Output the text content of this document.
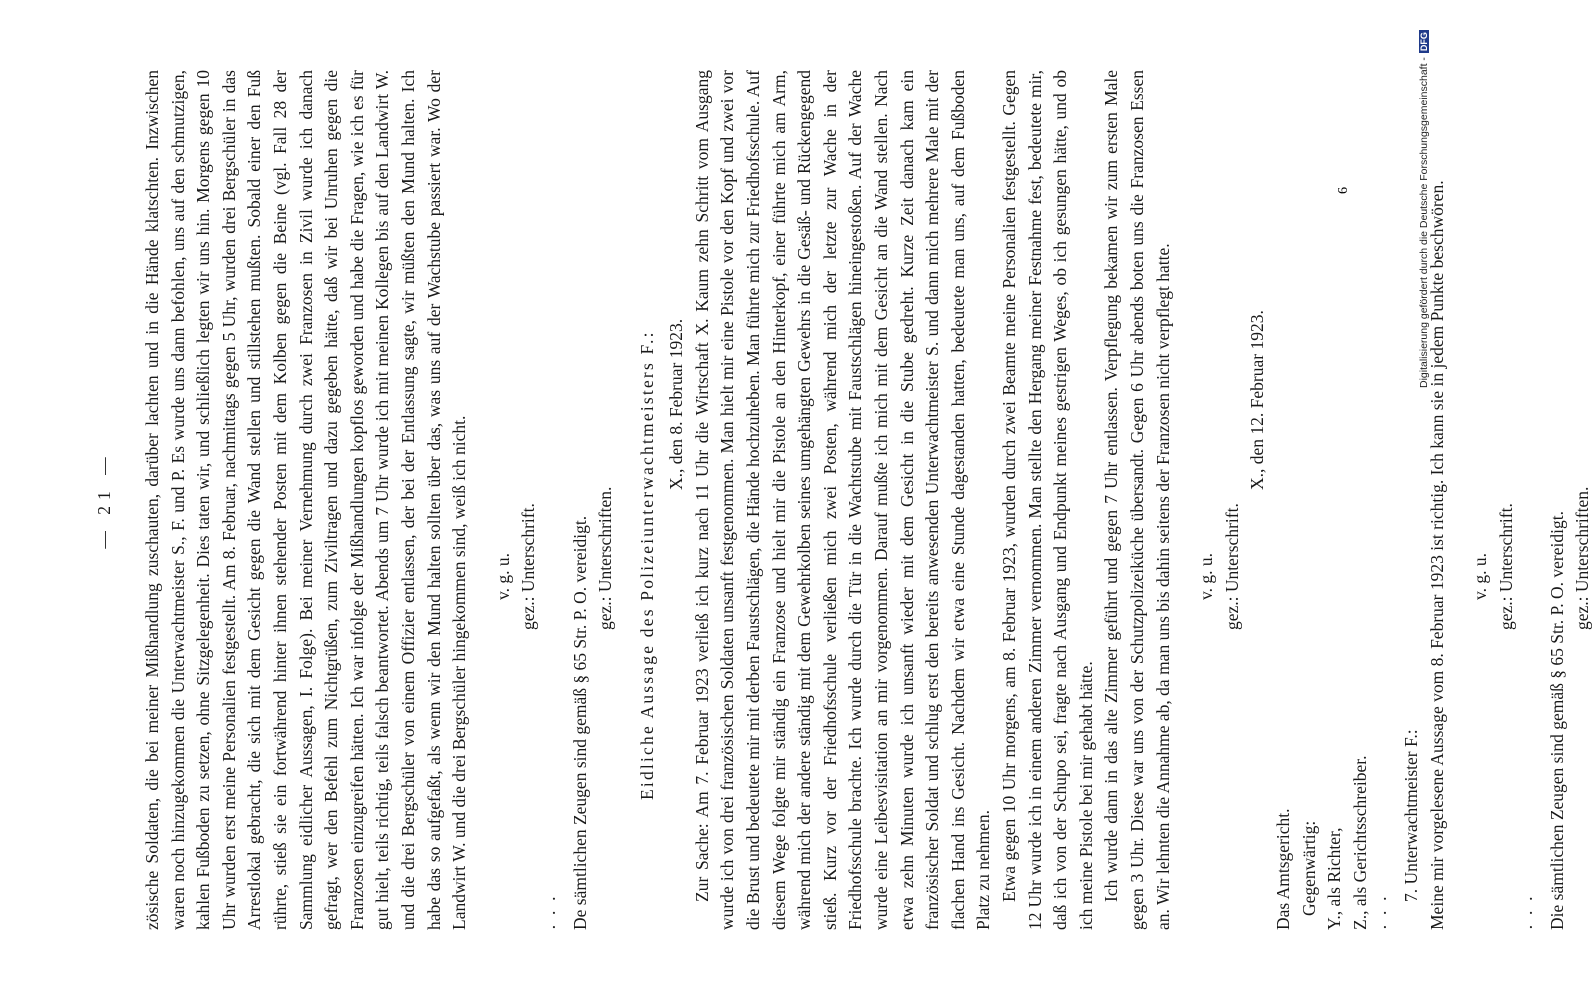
— 21 — zösische Soldaten, die bei meiner Mißhandlung zuschauten, darüber lachten und in die Hände klatschten. Inzwischen waren noch hinzugekommen die Unterwachtmeister S., F. und P. Es wurde uns dann befohlen, uns auf den schmutzigen, kahlen Fußboden zu setzen, ohne Sitzgelegenheit. Dies taten wir, und schließlich legten wir uns hin. Morgens gegen 10 Uhr wurden erst meine Personalien festgestellt. Am 8. Februar, nachmittags gegen 5 Uhr, wurden drei Bergschüler in das Arrestlokal gebracht, die sich mit dem Gesicht gegen die Wand stellen und stillstehen mußten. Sobald einer den Fuß rührte, stieß sie ein fortwährend hinter ihnen stehender Posten mit dem Kolben gegen die Beine (vgl. Fall 28 der Sammlung eidlicher Aussagen, I. Folge). Bei meiner Vernehmung durch zwei Franzosen in Zivil wurde ich danach gefragt, wer den Befehl zum Nichtgrüßen, zum Ziviltragen und dazu gegeben hätte, daß wir bei Unruhen gegen die Franzosen einzugreifen hätten. Ich war infolge der Mißhandlungen kopflos geworden und habe die Fragen, wie ich es für gut hielt, teils richtig, teils falsch beantwortet. Abends um 7 Uhr wurde ich mit meinen Kollegen bis auf den Landwirt W. und die drei Bergschüler von einem Offizier entlassen, der bei der Entlassung sagte, wir müßten den Mund halten. Ich habe das so aufgefaßt, als wenn wir den Mund halten sollten über das, was uns auf der Wachstube passiert war. Wo der Landwirt W. und die drei Bergschüler hingekommen sind, weiß ich nicht. v. g. u. gez.: Unterschrift.

· · · De sämtlichen Zeugen sind gemäß § 65 Str. P. O. vereidigt. gez.: Unterschriften. Eidliche Aussage des Polizeiunterwachtmeisters F.: X., den 8. Februar 1923. Zur Sache: Am 7. Februar 1923 verließ ich kurz nach 11 Uhr die Wirtschaft X. Kaum zehn Schritt vom Ausgang wurde ich von drei französischen Soldaten unsanft festgenommen. Man hielt mir eine Pistole vor den Kopf und zwei vor die Brust und bedeutete mir mit derben Faustschlägen, die Hände hochzuheben. Man führte mich zur Friedhofsschule. Auf diesem Wege folgte mir ständig ein Franzose und hielt mir die Pistole an den Hinterkopf, einer führte mich am Arm, während mich der andere ständig mit dem Gewehrkolben seines umgehängten Gewehrs in die Gesäß- und Rückengegend stieß. Kurz vor der Friedhofsschule verließen mich zwei Posten, während mich der letzte zur Wache in der Friedhofsschule brachte. Ich wurde durch die Tür in die Wachtstube mit Faustschlägen hineingestoßen. Auf der Wache wurde eine Leibesvisitation an mir vorgenommen. Darauf mußte ich mich mit dem Gesicht an die Wand stellen. Nach etwa zehn Minuten wurde ich unsanft wieder mit dem Gesicht in die Stube gedreht. Kurze Zeit danach kam ein französischer Soldat und schlug erst den bereits anwesenden Unterwachtmeister S. und dann mich mehrere Male mit der flachen Hand ins Gesicht. Nachdem wir etwa eine Stunde dagestanden hatten, bedeutete man uns, auf dem Fußboden Platz zu nehmen. Etwa gegen 10 Uhr morgens, am 8. Februar 1923, wurden durch zwei Beamte meine Personalien festgestellt. Gegen 12 Uhr wurde ich in einem anderen Zimmer vernommen. Man stellte den Hergang meiner Festnahme fest, bedeutete mir, daß ich von der Schupo sei, fragte nach Ausgang und Endpunkt meines gestrigen Weges, ob ich gesungen hätte, und ob ich meine Pistole bei mir gehabt hätte. Ich wurde dann in das alte Zimmer geführt und gegen 7 Uhr entlassen. Verpflegung bekamen wir zum ersten Male gegen 3 Uhr. Diese war uns von der Schutzpolizeiküche übersandt. Gegen 6 Uhr abends boten uns die Franzosen Essen an. Wir lehnten die Annahme ab, da man uns bis dahin seitens der Franzosen nicht verpflegt hatte. v. g. u. gez.: Unterschrift.

X., den 12. Februar 1923.

Das Amtsgericht. Gegenwärtig: Y., als Richter, Z., als Gerichtsschreiber. · · ·

7. Unterwachtmeister F.: Meine mir vorgelesene Aussage vom 8. Februar 1923 ist richtig. Ich kann sie in jedem Punkte beschwören. v. g. u. gez.: Unterschrift.

· · · Die sämtlichen Zeugen sind gemäß § 65 Str. P. O. vereidigt. gez.: Unterschriften.

6	Digitalisierung gefördert durch die Deutsche Forschungsgemeinschaft -DFG
